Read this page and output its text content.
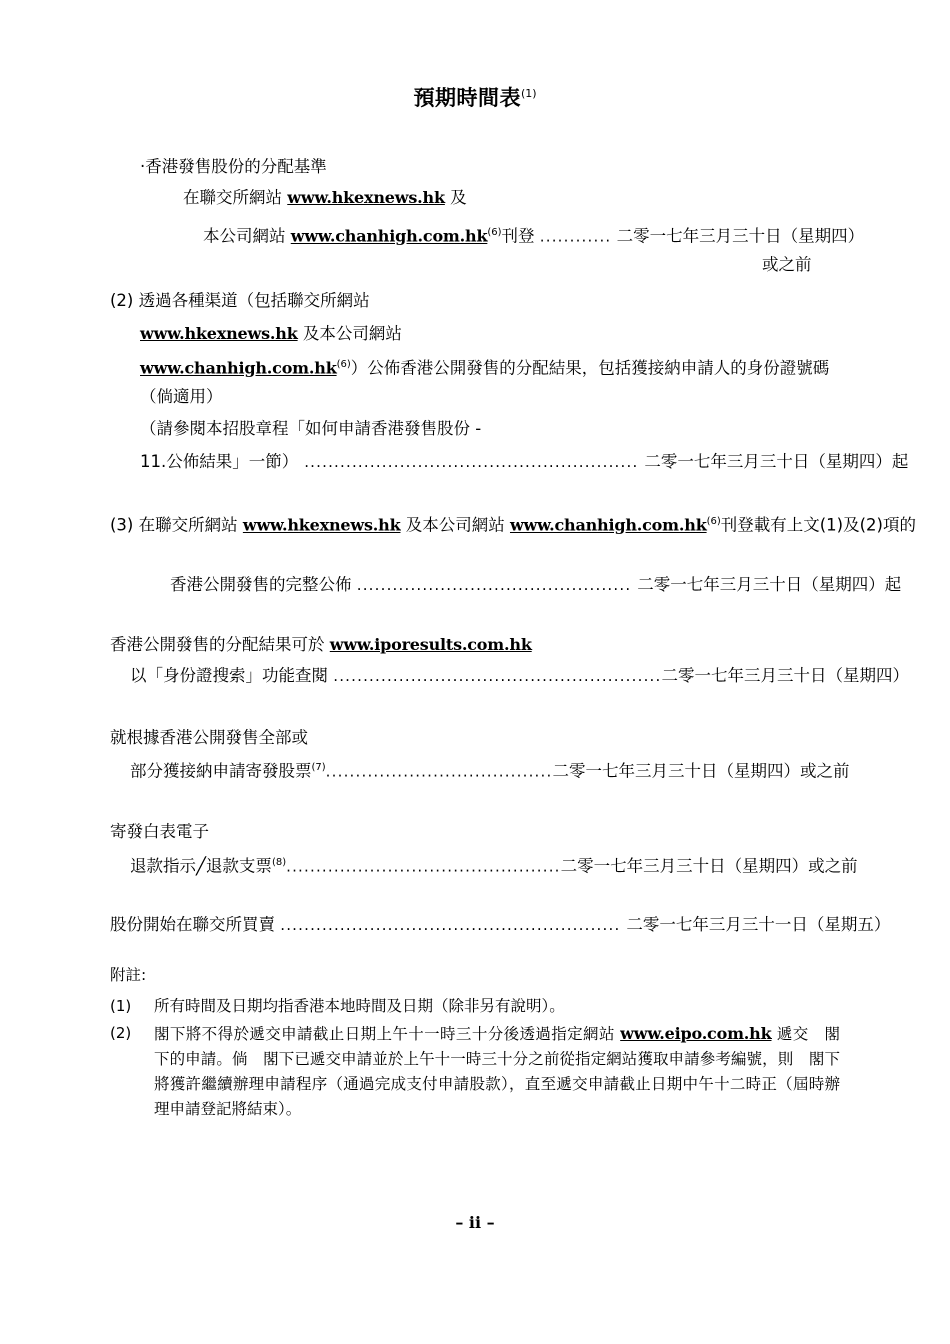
預期時間表$^{(1)}$
·香港發售股份的分配基準
在聯交所網站 www.hkexnews.hk 及
本公司網站 $www.chanhigh.com.hk^{(6)}$刊登 ............ 二零一七年三月三十日（星期四）
或之前
(2) 透過各種渠道（包括聯交所網站
www.hkexnews.hk 及本公司網站
$www.chanhigh.com.hk^{(6)}$）公佈香港公開發售的分配結果，包括獲接納申請人的身份證號碼
（倘適用）
（請參閱本招股章程「如何申請香港發售股份 -
11.公佈結果」一節） ........................................................ 二零一七年三月三十日（星期四）起
(3) 在聯交所網站 www.hkexnews.hk 及本公司網站 $www.chanhigh.com.hk^{(6)}$刊登載有上文(1)及(2)項的
香港公開發售的完整公佈 .............................................. 二零一七年三月三十日（星期四）起
香港公開發售的分配結果可於 www.iporesults.com.hk
以「身份證搜索」功能查閱 .......................................................二零一七年三月三十日（星期四）
就根據香港公開發售全部或
部分獲接納申請寄發股票$^{(7)}$......................................二零一七年三月三十日（星期四）或之前
寄發白表電子
退款指示╱退款支票$^{(8)}$..............................................二零一七年三月三十日（星期四）或之前
股份開始在聯交所買賣 ......................................................... 二零一七年三月三十一日（星期五）
附註:
(1)	所有時間及日期均指香港本地時間及日期（除非另有說明）。
(2)	閣下將不得於遞交申請截止日期上午十一時三十分後透過指定網站 www.eipo.com.hk 遞交　閣下的申請。倘　閣下已遞交申請並於上午十一時三十分之前從指定網站獲取申請參考編號，則　閣下將獲許繼續辦理申請程序（通過完成支付申請股款），直至遞交申請截止日期中午十二時正（屆時辦理申請登記將結束）。
– ii –
